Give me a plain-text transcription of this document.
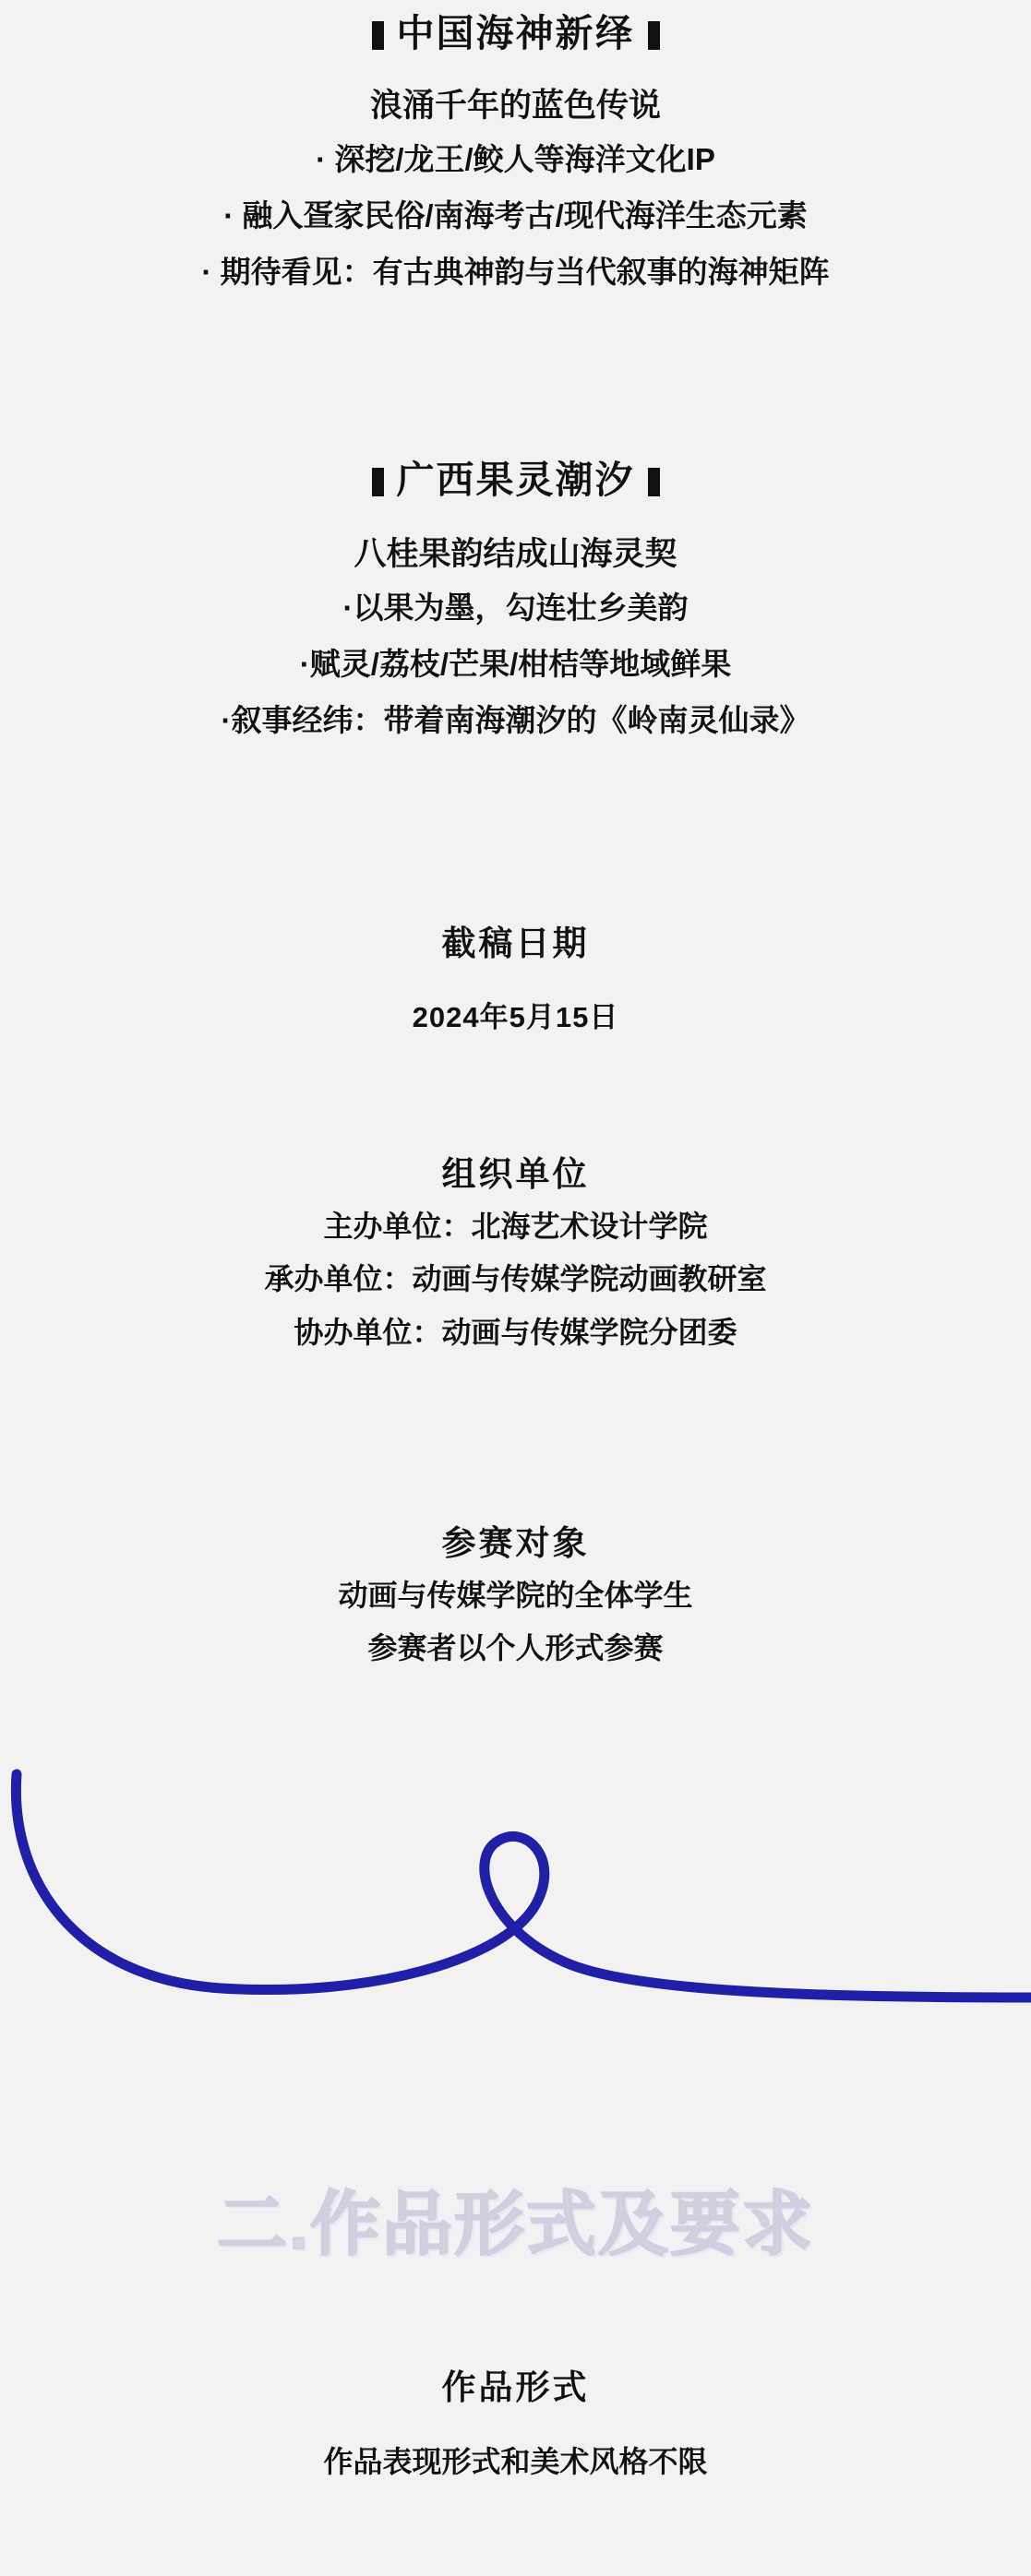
中国海神新绎

浪涌千年的蓝色传说

· 深挖/龙王/鲛人等海洋文化IP

· 融入疍家民俗/南海考古/现代海洋生态元素

· 期待看见：有古典神韵与当代叙事的海神矩阵

广西果灵潮汐

八桂果韵结成山海灵契

·以果为墨，勾连壮乡美韵

·赋灵/荔枝/芒果/柑桔等地域鲜果

·叙事经纬：带着南海潮汐的《岭南灵仙录》

截稿日期

2024年5月15日

组织单位

主办单位：北海艺术设计学院

承办单位：动画与传媒学院动画教研室

协办单位：动画与传媒学院分团委

参赛对象

动画与传媒学院的全体学生

参赛者以个人形式参赛

二.作品形式及要求

作品形式

作品表现形式和美术风格不限
